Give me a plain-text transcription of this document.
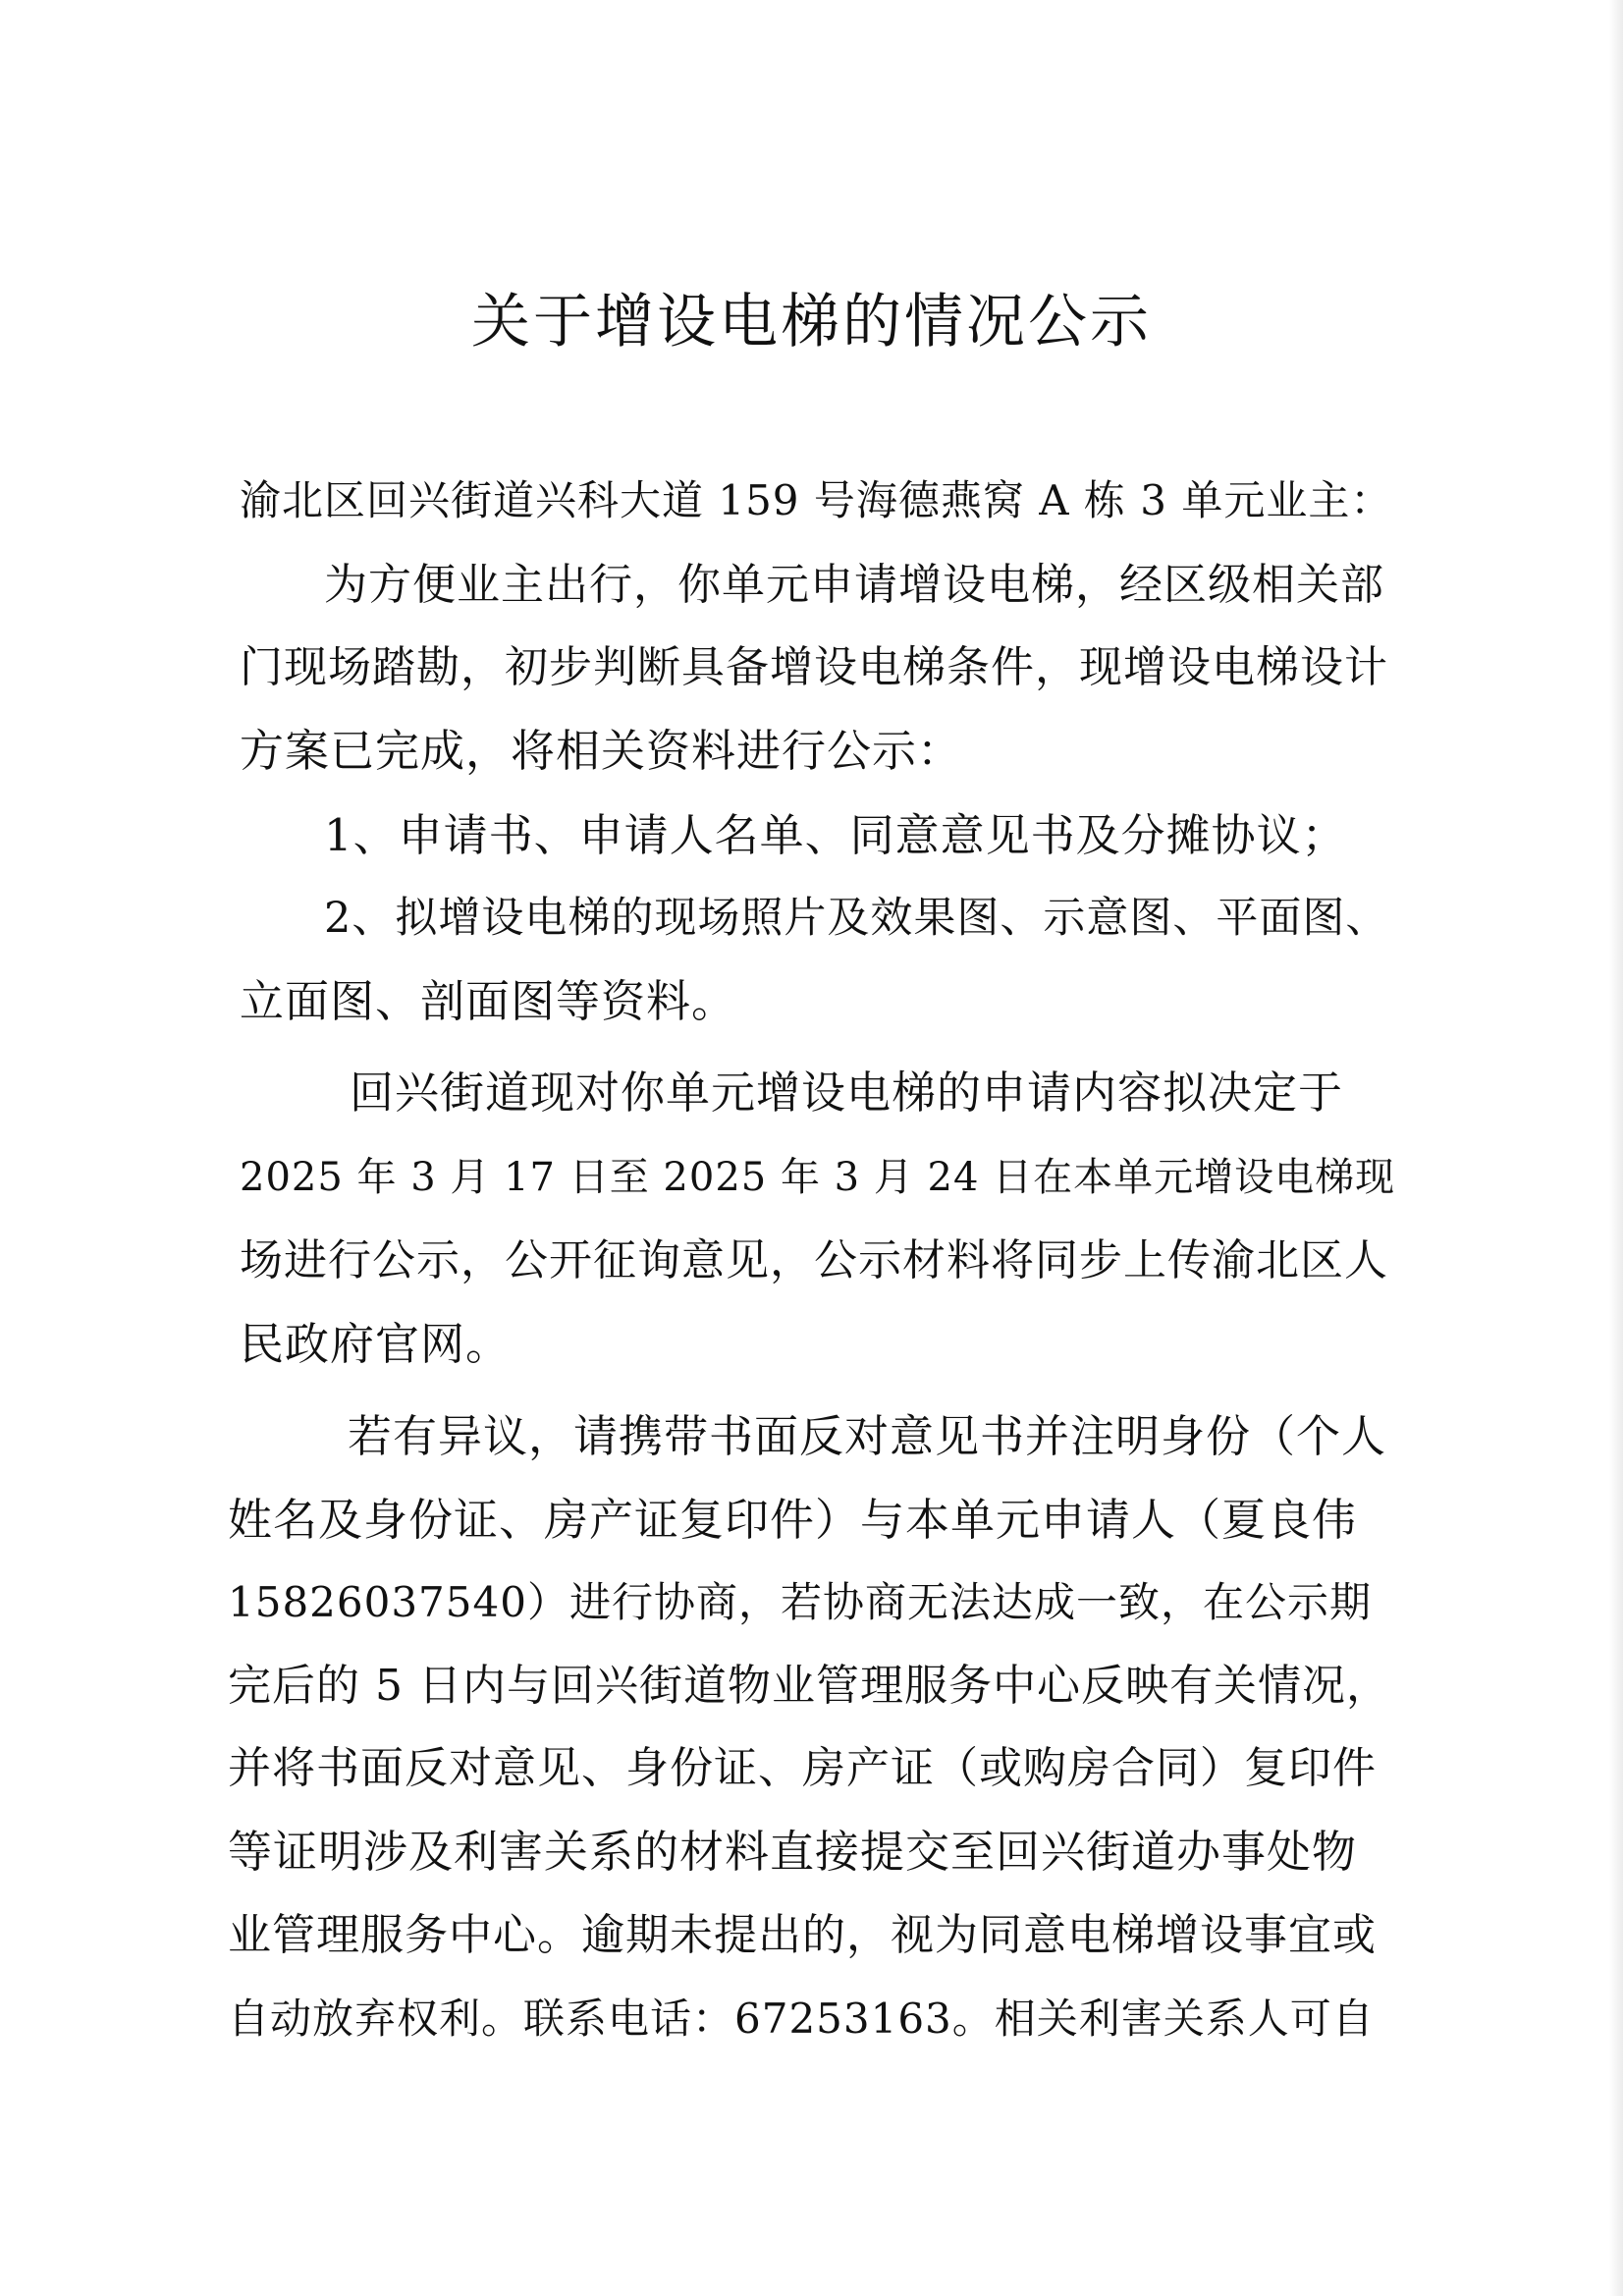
关于增设电梯的情况公示
渝北区回兴街道兴科大道 159 号海德燕窝 A 栋 3 单元业主：
为方便业主出行，你单元申请增设电梯，经区级相关部
门现场踏勘，初步判断具备增设电梯条件，现增设电梯设计
方案已完成，将相关资料进行公示：
1、申请书、申请人名单、同意意见书及分摊协议；
2、拟增设电梯的现场照片及效果图、示意图、平面图、
立面图、剖面图等资料。
回兴街道现对你单元增设电梯的申请内容拟决定于
2025 年 3 月 17 日至 2025 年 3 月 24 日在本单元增设电梯现
场进行公示，公开征询意见，公示材料将同步上传渝北区人
民政府官网。
若有异议，请携带书面反对意见书并注明身份（个人
姓名及身份证、房产证复印件）与本单元申请人（夏良伟
15826037540）进行协商，若协商无法达成一致，在公示期
完后的 5 日内与回兴街道物业管理服务中心反映有关情况，
并将书面反对意见、身份证、房产证（或购房合同）复印件
等证明涉及利害关系的材料直接提交至回兴街道办事处物
业管理服务中心。逾期未提出的，视为同意电梯增设事宜或
自动放弃权利。联系电话：67253163。相关利害关系人可自
